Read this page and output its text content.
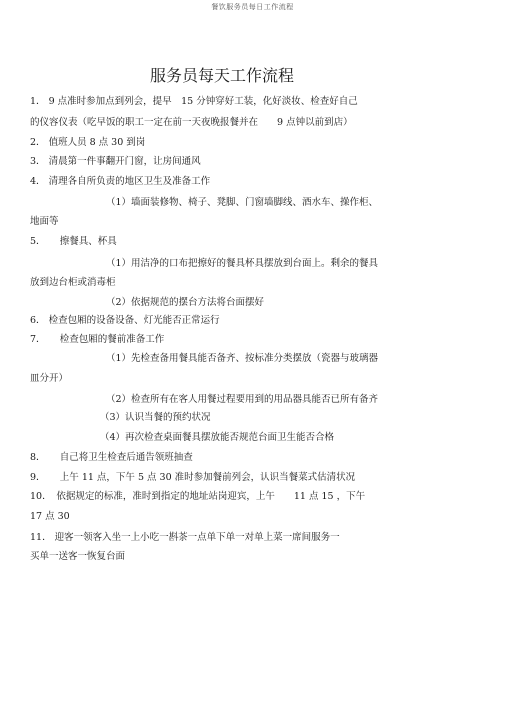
餐饮服务员每日工作流程
服务员每天工作流程
1． 9 点准时参加点到列会，提早　15 分钟穿好工装，化好淡妆、检查好自己
的仪容仪表（吃早饭的职工一定在前一天夜晚报餐并在　　9 点钟以前到店）
2． 值班人员 8 点 30 到岗
3． 清晨第一件事翻开门窗，让房间通风
4． 清理各自所负责的地区卫生及准备工作
（1）墙面装修物、椅子、凳脚、门窗墙脚线、酒水车、操作柜、
地面等
5．　　擦餐具、杯具
（1）用洁净的口布把擦好的餐具杯具摆放到台面上。剩余的餐具
放到边台柜或消毒柜
（2）依据规范的摆台方法将台面摆好
6． 检查包厢的设备设备、灯光能否正常运行
7．　　检查包厢的餐前准备工作
（1）先检查备用餐具能否备齐、按标准分类摆放（瓷器与玻璃器
皿分开）
（2）检查所有在客人用餐过程要用到的用品器具能否已所有备齐
（3）认识当餐的预约状况
（4）再次检查桌面餐具摆放能否规范台面卫生能否合格
8．　　自己将卫生检查后通告领班抽查
9．　　上午 11 点，下午 5 点 30 准时参加餐前列会，认识当餐菜式估清状况
10．　依据规定的标准，准时到指定的地址站岗迎宾，上午　　11 点 15 ，下午
17 点 30
11． 迎客一领客入坐一上小吃一斟茶一点单下单一对单上菜一席间服务一
买单一送客一恢复台面
